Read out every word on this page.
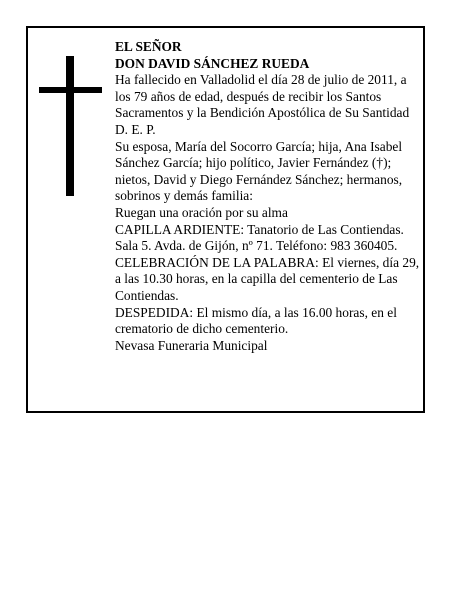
EL SEÑOR

DON DAVID SÁNCHEZ RUEDA

Ha fallecido en Valladolid el día 28 de julio de 2011, a los 79 años de edad, después de recibir los Santos Sacramentos y la Bendición Apostólica de Su Santidad D. E. P.

Su esposa, María del Socorro García; hija, Ana Isabel Sánchez García; hijo político, Javier Fernández (†); nietos, David y Diego Fernández Sánchez; hermanos, sobrinos y demás familia:

Ruegan una oración por su alma

CAPILLA ARDIENTE: Tanatorio de Las Contiendas. Sala 5. Avda. de Gijón, nº 71. Teléfono: 983 360405.

CELEBRACIÓN DE LA PALABRA: El viernes, día 29, a las 10.30 horas, en la capilla del cementerio de Las Contiendas.

DESPEDIDA: El mismo día, a las 16.00 horas, en el crematorio de dicho cementerio.

Nevasa Funeraria Municipal
